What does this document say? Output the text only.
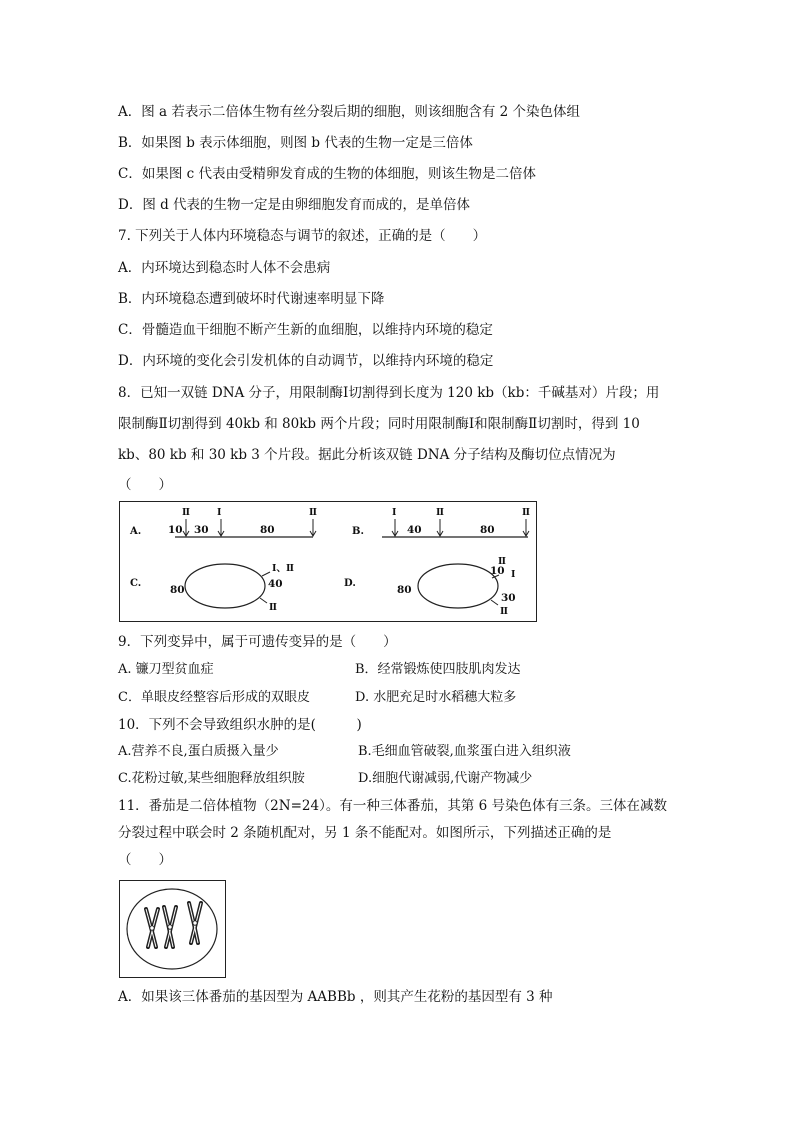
A．图 a 若表示二倍体生物有丝分裂后期的细胞，则该细胞含有 2 个染色体组
B．如果图 b 表示体细胞，则图 b 代表的生物一定是三倍体
C．如果图 c 代表由受精卵发育成的生物的体细胞，则该生物是二倍体
D．图 d 代表的生物一定是由卵细胞发育而成的，是单倍体
7. 下列关于人体内环境稳态与调节的叙述，正确的是（　　）
A．内环境达到稳态时人体不会患病
B．内环境稳态遭到破坏时代谢速率明显下降
C．骨髓造血干细胞不断产生新的血细胞，以维持内环境的稳定
D．内环境的变化会引发机体的自动调节，以维持内环境的稳定
8．已知一双链 DNA 分子，用限制酶Ⅰ切割得到长度为 120 kb（kb：千碱基对）片段；用
限制酶Ⅱ切割得到 40kb 和 80kb 两个片段；同时用限制酶Ⅰ和限制酶Ⅱ切割时，得到 10
kb、80 kb 和 30 kb 3 个片段。据此分析该双链 DNA 分子结构及酶切位点情况为
（　　）
A.
Ⅱ	Ⅰ	Ⅱ
10 30	80	B.
Ⅰ	Ⅱ	Ⅱ
40	80
C.
80	40
Ⅰ、Ⅱ
Ⅱ
D.
80
Ⅱ
10 Ⅰ
30
Ⅱ
9．下列变异中，属于可遗传变异的是（　　）
A. 镰刀型贫血症	B．经常锻炼使四肢肌肉发达
C．单眼皮经整容后形成的双眼皮	D. 水肥充足时水稻穗大粒多
10．下列不会导致组织水肿的是(　　　)
A.营养不良,蛋白质摄入量少	B.毛细血管破裂,血浆蛋白进入组织液
C.花粉过敏,某些细胞释放组织胺	D.细胞代谢减弱,代谢产物减少
11．番茄是二倍体植物（2N=24）。有一种三体番茄，其第 6 号染色体有三条。三体在减数
分裂过程中联会时 2 条随机配对，另 1 条不能配对。如图所示，下列描述正确的是
（　　）
A．如果该三体番茄的基因型为 AABBb ，则其产生花粉的基因型有 3 种
